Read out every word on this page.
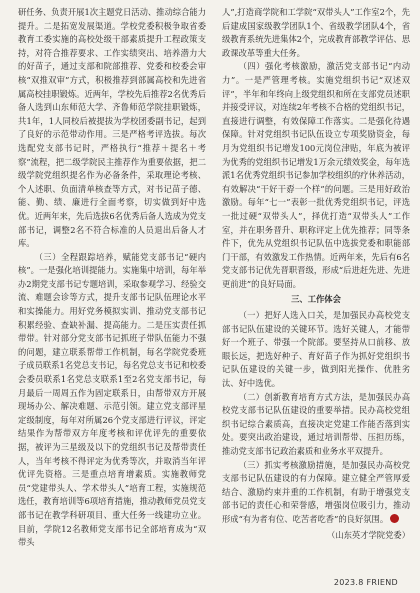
研任务、负责开展1次主题党日活动、推动综合能力提升。二是拓宽发展渠道。学校党委积极争取省委教育工委实施的高校处级干部素质提升工程政策支持，对符合推荐要求、工作实绩突出、培养潜力大的好苗子，通过支部和院部推荐、党委和校委会审核“双推双审”方式，积极推荐到部属高校和先进省属高校挂职锻炼。近两年，学校先后推荐2名优秀后备人选到山东师范大学、齐鲁师范学院挂职锻炼，共1年，1人同校后被提拔为学校团委副书记，起到了良好的示范带动作用。三是严格考评选拔。每次选配党支部书记时，严格执行“推荐＋提名＋考察”流程，把二级学院民主推荐作为重要依据，把二级学院党组织提名作为必备条件，采取理论考核、个人述职、负面清单核查等方式，对书记苗子德、能、勤、绩、廉进行全面考察，切实做到好中选优。近两年来，先后选拔6名优秀后备人选成为党支部书记，调整2名不符合标准的人员退出后备人才库。

（三）全程跟踪培养，赋能党支部书记“硬内核”。一是强化培训提能力。实施集中培训，每年举办2期党支部书记专题培训，采取参观学习、经验交流、难题会诊等方式，提升支部书记队伍理论水平和实操能力。用好党务模拟实训、推动党支部书记积累经验、查缺补漏、提高能力。二是压实责任抓带带。针对部分党支部书记抓班子带队伍能力不强的问题，建立联系帮带工作机制，每名学院党委班子成员联系1名党总支书记，每名党总支书记和校委会委员联系1名党总支联系1至2名党支部书记，每月最后一周周五作为固定联系日，由帮带双方开展现场办公、解决难题、示范引领。建立党支部评星定级制度，每年对所属26个党支部进行评议，评定结果作为帮带双方年度考核和评优评先的重要依据，被评为三星级及以下的党组织书记及帮带责任人，当年考核不得评定为优秀等次，并取消当年评优评先资格。三是重点培育增素质。实施教师党员“党建带头人、学术带头人”培育工程，实施规范选任，教育培训等6项培育措施，推动教师党员党支部书记在教学科研项目、重大任务一线建功立业。目前，学院12名教师党支部书记全部培育成为“双带头

人”,打造商学院和工学院“双带头人”工作室2个，先后建成国家级教学团队1个、省级教学团队4个，省级教育系统先进集体2个，完成教育部教学评估、思政课改革等重大任务。

（四）强化考核激励，激活党支部书记“内动力”。一是严管理考核。实施党组织书记“双述双评”，半年和年终向上级党组织和所在支部党员述职并接受评议，对连续2年考核不合格的党组织书记，直接进行调整，有效保障工作落实。二是强化待遇保障。针对党组织书记队伍设立专项奖励资金，每月为党组织书记增发100元岗位津贴，年底为被评为优秀的党组织书记增发1万余元绩效奖金，每年选派1名优秀党组织书记参加学校组织的疗休养活动，有效解决“干好干孬一个样”的问题。三是用好政治激励。每年“七一”表彰一批优秀党组织书记，评选一批过硬“双带头人”，择优打造“双带头人”工作室，并在职务晋升、职称评定上优先推荐；同等条件下，优先从党组织书记队伍中选拔党委和职能部门干部，有效激发工作热情。近两年来，先后有6名党支部书记优先晋职晋级，形成“后进赶先进、先进更前进”的良好局面。

三、工作体会

（一）把好人选入口关，是加强民办高校党支部书记队伍建设的关键环节。选好关键人，才能带好一个班子、带强一个院部。要坚持从口前移、放眼长远，把选好种子、育好苗子作为抓好党组织书记队伍建设的关键一步，做到阳光操作、优胜劣汰、好中选优。

（二）创新教育培育方式方法，是加强民办高校党支部书记队伍建设的重要举措。民办高校党组织书记综合素质高，直接决定党建工作能否落到实处。要突出政治建设，通过培训帮带、压担历练，推动党支部书记政治素质和业务水平双提升。

（三）抓实考核激励措施，是加强民办高校党支部书记队伍建设的有力保障。建立健全严管厚爱结合、激励约束并重的工作机制，有助于增强党支部书记的责任心和荣誉感，增强岗位吸引力，推动形成“有为者有位、吃苦者吃香”的良好氛围。

（山东英才学院党委）
2023.8 FRIEND
